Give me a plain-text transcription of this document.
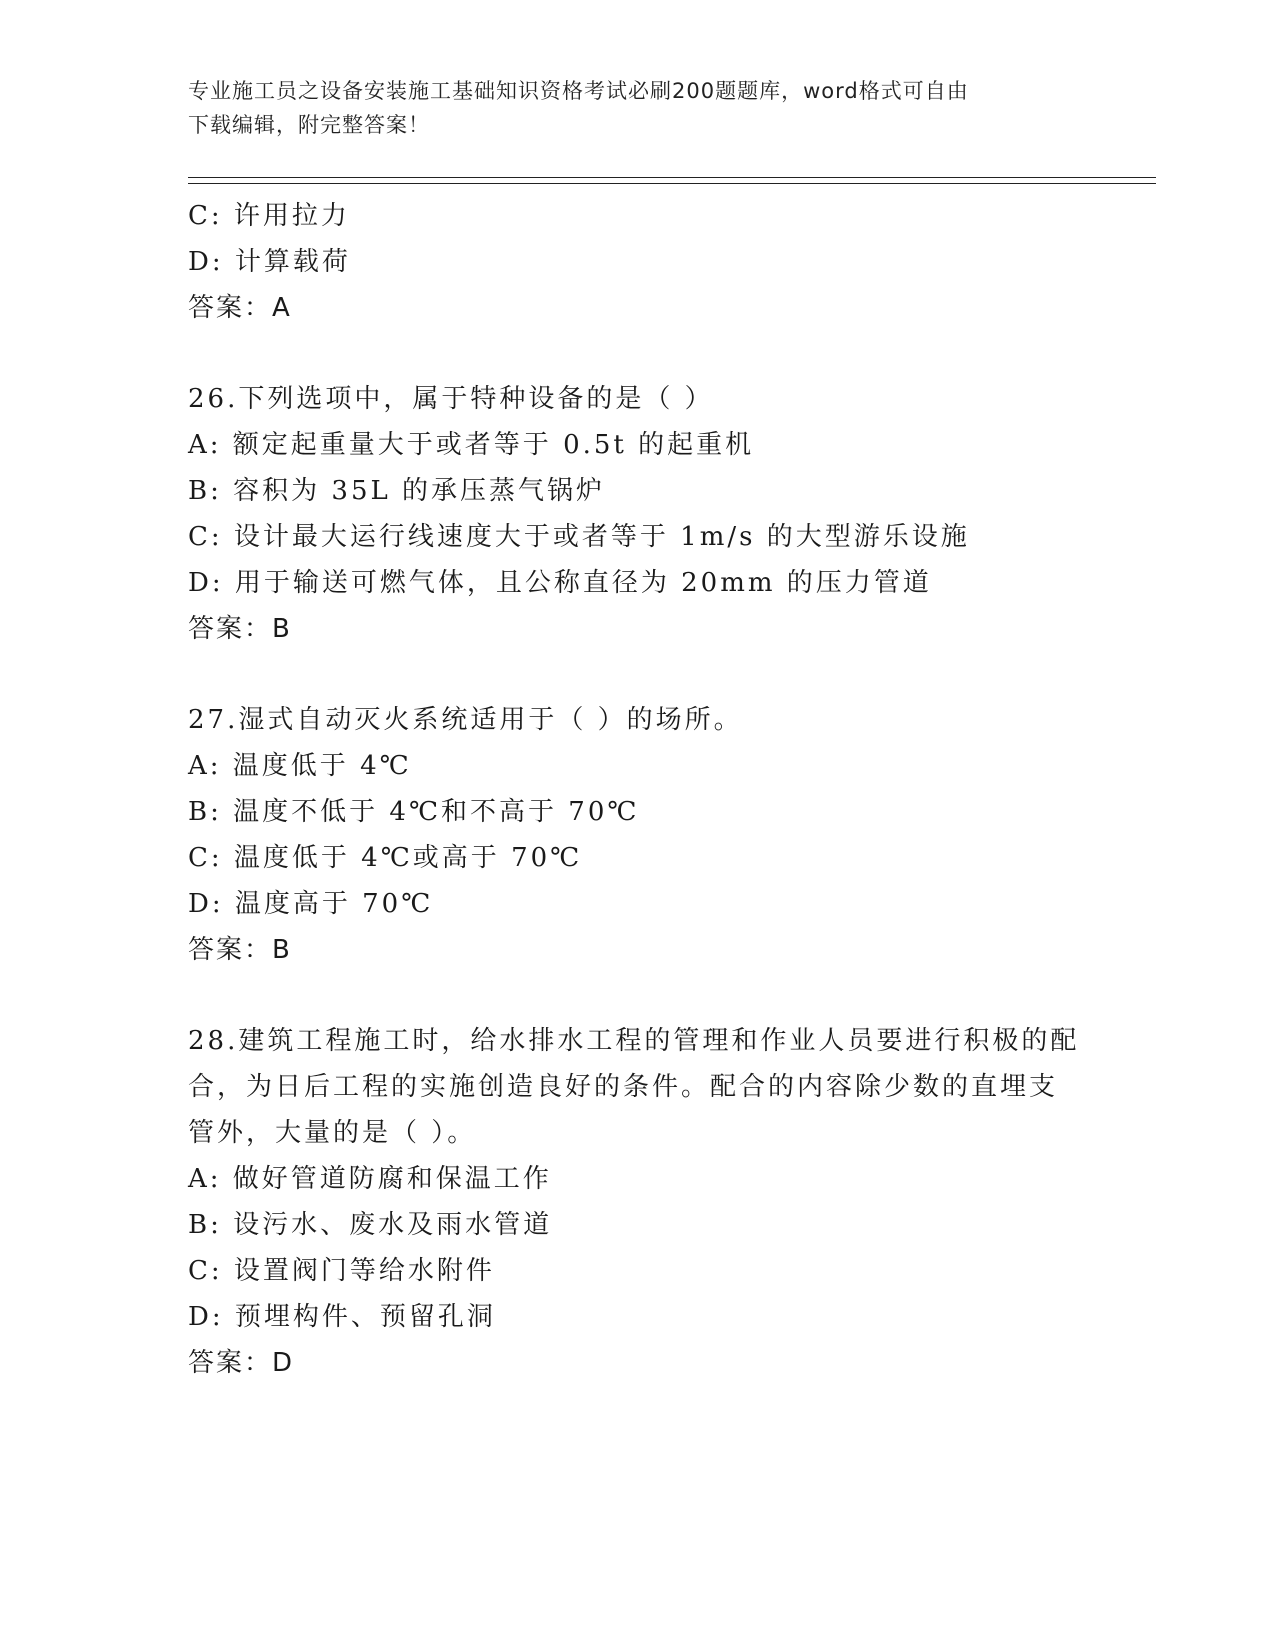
专业施工员之设备安装施工基础知识资格考试必刷200题题库，word格式可自由
下载编辑，附完整答案！
C: 许用拉力
D: 计算载荷
答案：A
26.下列选项中，属于特种设备的是（ ）
A: 额定起重量大于或者等于 0.5t 的起重机
B: 容积为 35L 的承压蒸气锅炉
C: 设计最大运行线速度大于或者等于 1m/s 的大型游乐设施
D: 用于输送可燃气体，且公称直径为 20mm 的压力管道
答案：B
27.湿式自动灭火系统适用于（ ）的场所。
A: 温度低于 4℃
B: 温度不低于 4℃和不高于 70℃
C: 温度低于 4℃或高于 70℃
D: 温度高于 70℃
答案：B
28.建筑工程施工时，给水排水工程的管理和作业人员要进行积极的配
合，为日后工程的实施创造良好的条件。配合的内容除少数的直埋支
管外，大量的是（ ）。
A: 做好管道防腐和保温工作
B: 设污水、废水及雨水管道
C: 设置阀门等给水附件
D: 预埋构件、预留孔洞
答案：D
